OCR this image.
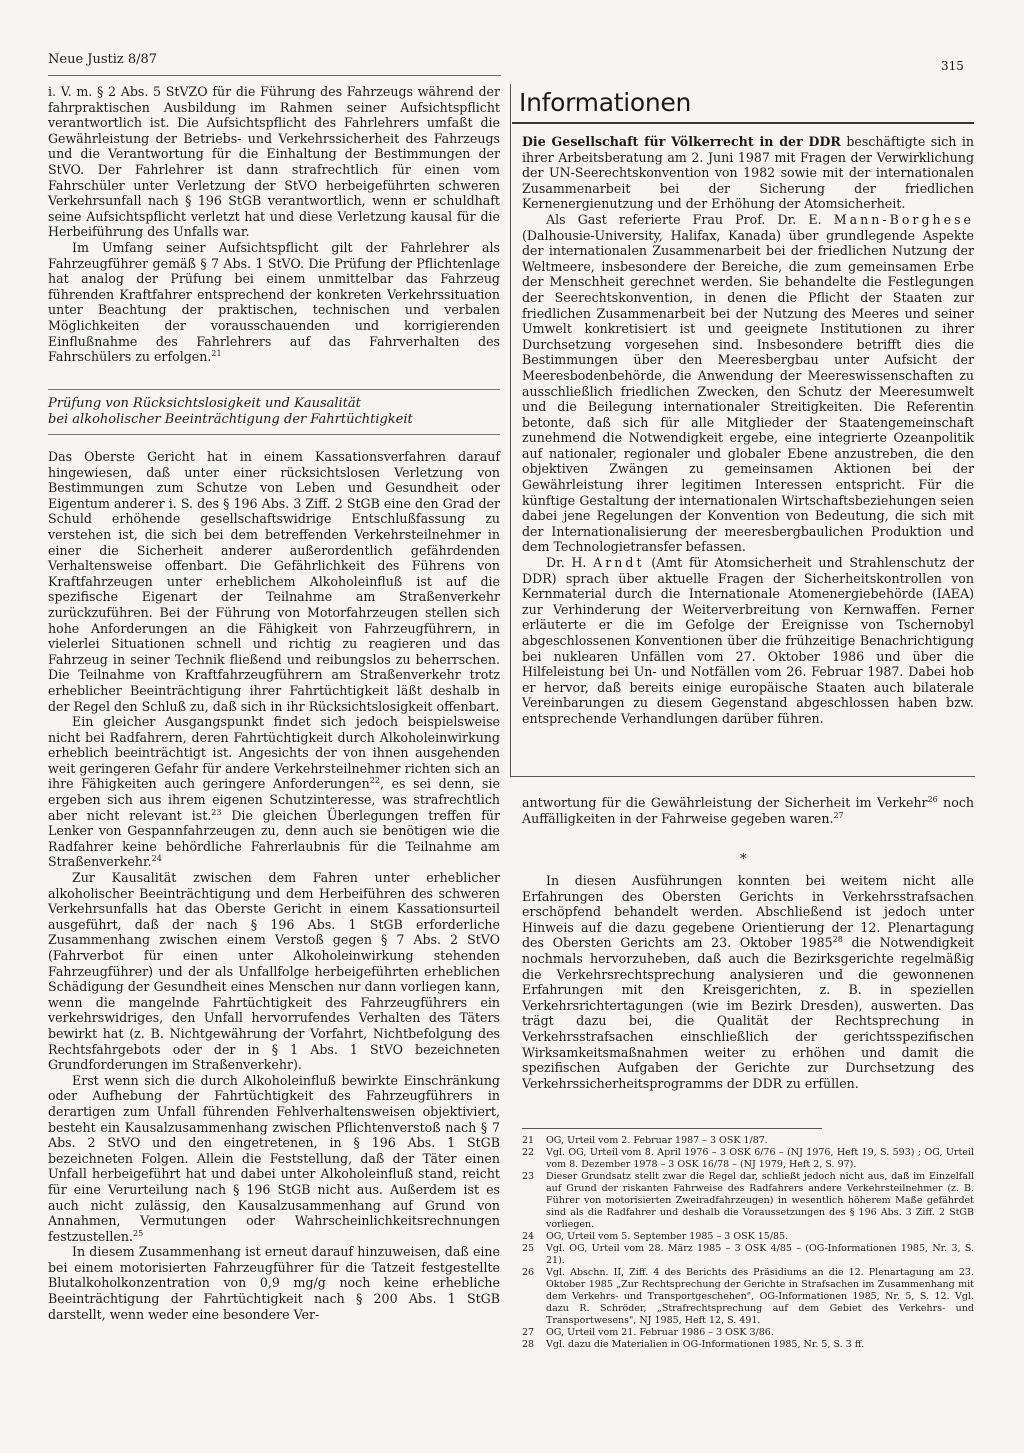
Neue Justiz 8/87	315

i. V. m. § 2 Abs. 5 StVZO für die Führung des Fahrzeugs während der fahrpraktischen Ausbildung im Rahmen seiner Aufsichtspflicht verantwortlich ist. Die Aufsichtspflicht des Fahrlehrers umfaßt die Gewährleistung der Betriebs- und Verkehrssicherheit des Fahrzeugs und die Verantwortung für die Einhaltung der Bestimmungen der StVO. Der Fahrlehrer ist dann strafrechtlich für einen vom Fahrschüler unter Verletzung der StVO herbeigeführten schweren Verkehrsunfall nach § 196 StGB verantwortlich, wenn er schuldhaft seine Aufsichtspflicht verletzt hat und diese Verletzung kausal für die Herbeiführung des Unfalls war.

Im Umfang seiner Aufsichtspflicht gilt der Fahrlehrer als Fahrzeugführer gemäß § 7 Abs. 1 StVO. Die Prüfung der Pflichtenlage hat analog der Prüfung bei einem unmittelbar das Fahrzeug führenden Kraftfahrer entsprechend der konkreten Verkehrssituation unter Beachtung der praktischen, technischen und verbalen Möglichkeiten der vorausschauenden und korrigierenden Einflußnahme des Fahrlehrers auf das Fahrverhalten des Fahrschülers zu erfolgen.$^{21}$

Prüfung von Rücksichtslosigkeit und Kausalität
bei alkoholischer Beeinträchtigung der Fahrtüchtigkeit

Das Oberste Gericht hat in einem Kassationsverfahren darauf hingewiesen, daß unter einer rücksichtslosen Verletzung von Bestimmungen zum Schutze von Leben und Gesundheit oder Eigentum anderer i. S. des § 196 Abs. 3 Ziff. 2 StGB eine den Grad der Schuld erhöhende gesellschaftswidrige Entschlußfassung zu verstehen ist, die sich bei dem betreffenden Verkehrsteilnehmer in einer die Sicherheit anderer außerordentlich gefährdenden Verhaltensweise offenbart. Die Gefährlichkeit des Führens von Kraftfahrzeugen unter erheblichem Alkoholeinfluß ist auf die spezifische Eigenart der Teilnahme am Straßenverkehr zurückzuführen. Bei der Führung von Motorfahrzeugen stellen sich hohe Anforderungen an die Fähigkeit von Fahrzeugführern, in vielerlei Situationen schnell und richtig zu reagieren und das Fahrzeug in seiner Technik fließend und reibungslos zu beherrschen. Die Teilnahme von Kraftfahrzeugführern am Straßenverkehr trotz erheblicher Beeinträchtigung ihrer Fahrtüchtigkeit läßt deshalb in der Regel den Schluß zu, daß sich in ihr Rücksichtslosigkeit offenbart.

Ein gleicher Ausgangspunkt findet sich jedoch beispielsweise nicht bei Radfahrern, deren Fahrtüchtigkeit durch Alkoholeinwirkung erheblich beeinträchtigt ist. Angesichts der von ihnen ausgehenden weit geringeren Gefahr für andere Verkehrsteilnehmer richten sich an ihre Fähigkeiten auch geringere Anforderungen$^{22}$, es sei denn, sie ergeben sich aus ihrem eigenen Schutzinteresse, was strafrechtlich aber nicht relevant ist.$^{23}$ Die gleichen Überlegungen treffen für Lenker von Gespannfahrzeugen zu, denn auch sie benötigen wie die Radfahrer keine behördliche Fahrerlaubnis für die Teilnahme am Straßenverkehr.$^{24}$

Zur Kausalität zwischen dem Fahren unter erheblicher alkoholischer Beeinträchtigung und dem Herbeiführen des schweren Verkehrsunfalls hat das Oberste Gericht in einem Kassationsurteil ausgeführt, daß der nach § 196 Abs. 1 StGB erforderliche Zusammenhang zwischen einem Verstoß gegen § 7 Abs. 2 StVO (Fahrverbot für einen unter Alkoholeinwirkung stehenden Fahrzeugführer) und der als Unfallfolge herbeigeführten erheblichen Schädigung der Gesundheit eines Menschen nur dann vorliegen kann, wenn die mangelnde Fahrtüchtigkeit des Fahrzeugführers ein verkehrswidriges, den Unfall hervorrufendes Verhalten des Täters bewirkt hat (z. B. Nichtgewährung der Vorfahrt, Nichtbefolgung des Rechtsfahrgebots oder der in § 1 Abs. 1 StVO bezeichneten Grundforderungen im Straßenverkehr).

Erst wenn sich die durch Alkoholeinfluß bewirkte Einschränkung oder Aufhebung der Fahrtüchtigkeit des Fahrzeugführers in derartigen zum Unfall führenden Fehlverhaltensweisen objektiviert, besteht ein Kausalzusammenhang zwischen Pflichtenverstoß nach § 7 Abs. 2 StVO und den eingetretenen, in § 196 Abs. 1 StGB bezeichneten Folgen. Allein die Feststellung, daß der Täter einen Unfall herbeigeführt hat und dabei unter Alkoholeinfluß stand, reicht für eine Verurteilung nach § 196 StGB nicht aus. Außerdem ist es auch nicht zulässig, den Kausalzusammenhang auf Grund von Annahmen, Vermutungen oder Wahrscheinlichkeitsrechnungen festzustellen.$^{25}$

In diesem Zusammenhang ist erneut darauf hinzuweisen, daß eine bei einem motorisierten Fahrzeugführer für die Tatzeit festgestellte Blutalkoholkonzentration von 0,9 mg/g noch keine erhebliche Beeinträchtigung der Fahrtüchtigkeit nach § 200 Abs. 1 StGB darstellt, wenn weder eine besondere Ver-

Informationen

Die Gesellschaft für Völkerrecht in der DDR beschäftigte sich in ihrer Arbeitsberatung am 2. Juni 1987 mit Fragen der Verwirklichung der UN-Seerechtskonvention von 1982 sowie mit der internationalen Zusammenarbeit bei der Sicherung der friedlichen Kernenergienutzung und der Erhöhung der Atomsicherheit.

Als Gast referierte Frau Prof. Dr. E. Mann-Borghese (Dalhousie-University, Halifax, Kanada) über grundlegende Aspekte der internationalen Zusammenarbeit bei der friedlichen Nutzung der Weltmeere, insbesondere der Bereiche, die zum gemeinsamen Erbe der Menschheit gerechnet werden. Sie behandelte die Festlegungen der Seerechtskonvention, in denen die Pflicht der Staaten zur friedlichen Zusammenarbeit bei der Nutzung des Meeres und seiner Umwelt konkretisiert ist und geeignete Institutionen zu ihrer Durchsetzung vorgesehen sind. Insbesondere betrifft dies die Bestimmungen über den Meeresbergbau unter Aufsicht der Meeresbodenbehörde, die Anwendung der Meereswissenschaften zu ausschließlich friedlichen Zwecken, den Schutz der Meeresumwelt und die Beilegung internationaler Streitigkeiten. Die Referentin betonte, daß sich für alle Mitglieder der Staatengemeinschaft zunehmend die Notwendigkeit ergebe, eine integrierte Ozeanpolitik auf nationaler, regionaler und globaler Ebene anzustreben, die den objektiven Zwängen zu gemeinsamen Aktionen bei der Gewährleistung ihrer legitimen Interessen entspricht. Für die künftige Gestaltung der internationalen Wirtschaftsbeziehungen seien dabei jene Regelungen der Konvention von Bedeutung, die sich mit der Internationalisierung der meeresbergbaulichen Produktion und dem Technologietransfer befassen.

Dr. H. Arndt (Amt für Atomsicherheit und Strahlenschutz der DDR) sprach über aktuelle Fragen der Sicherheitskontrollen von Kernmaterial durch die Internationale Atomenergiebehörde (IAEA) zur Verhinderung der Weiterverbreitung von Kernwaffen. Ferner erläuterte er die im Gefolge der Ereignisse von Tschernobyl abgeschlossenen Konventionen über die frühzeitige Benachrichtigung bei nuklearen Unfällen vom 27. Oktober 1986 und über die Hilfeleistung bei Un- und Notfällen vom 26. Februar 1987. Dabei hob er hervor, daß bereits einige europäische Staaten auch bilaterale Vereinbarungen zu diesem Gegenstand abgeschlossen haben bzw. entsprechende Verhandlungen darüber führen.

antwortung für die Gewährleistung der Sicherheit im Verkehr$^{26}$ noch Auffälligkeiten in der Fahrweise gegeben waren.$^{27}$

*

In diesen Ausführungen konnten bei weitem nicht alle Erfahrungen des Obersten Gerichts in Verkehrsstrafsachen erschöpfend behandelt werden. Abschließend ist jedoch unter Hinweis auf die dazu gegebene Orientierung der 12. Plenartagung des Obersten Gerichts am 23. Oktober 1985$^{28}$ die Notwendigkeit nochmals hervorzuheben, daß auch die Bezirksgerichte regelmäßig die Verkehrsrechtsprechung analysieren und die gewonnenen Erfahrungen mit den Kreisgerichten, z. B. in speziellen Verkehrsrichtertagungen (wie im Bezirk Dresden), auswerten. Das trägt dazu bei, die Qualität der Rechtsprechung in Verkehrsstrafsachen einschließlich der gerichtsspezifischen Wirksamkeitsmaßnahmen weiter zu erhöhen und damit die spezifischen Aufgaben der Gerichte zur Durchsetzung des Verkehrssicherheitsprogramms der DDR zu erfüllen.

21	OG, Urteil vom 2. Februar 1987 – 3 OSK 1/87.
22	Vgl. OG, Urteil vom 8. April 1976 – 3 OSK 6/76 – (NJ 1976, Heft 19, S. 593) ; OG, Urteil vom 8. Dezember 1978 – 3 OSK 16/78 – (NJ 1979, Heft 2, S. 97).
23	Dieser Grundsatz stellt zwar die Regel dar, schließt jedoch nicht aus, daß im Einzelfall auf Grund der riskanten Fahrweise des Radfahrers andere Verkehrsteilnehmer (z. B. Führer von motorisierten Zweiradfahrzeugen) in wesentlich höherem Maße gefährdet sind als die Radfahrer und deshalb die Voraussetzungen des § 196 Abs. 3 Ziff. 2 StGB vorliegen.
24	OG, Urteil vom 5. September 1985 – 3 OSK 15/85.
25	Vgl. OG, Urteil vom 28. März 1985 – 3 OSK 4/85 – (OG-Informationen 1985, Nr. 3, S. 21).
26	Vgl. Abschn. II, Ziff. 4 des Berichts des Präsidiums an die 12. Plenartagung am 23. Oktober 1985 „Zur Rechtsprechung der Gerichte in Strafsachen im Zusammenhang mit dem Verkehrs- und Transportgeschehen", OG-Informationen 1985, Nr. 5, S. 12. Vgl. dazu R. Schröder, „Strafrechtsprechung auf dem Gebiet des Verkehrs- und Transportwesens", NJ 1985, Heft 12, S. 491.
27	OG, Urteil vom 21. Februar 1986 – 3 OSK 3/86.
28	Vgl. dazu die Materialien in OG-Informationen 1985, Nr. 5, S. 3 ff.
